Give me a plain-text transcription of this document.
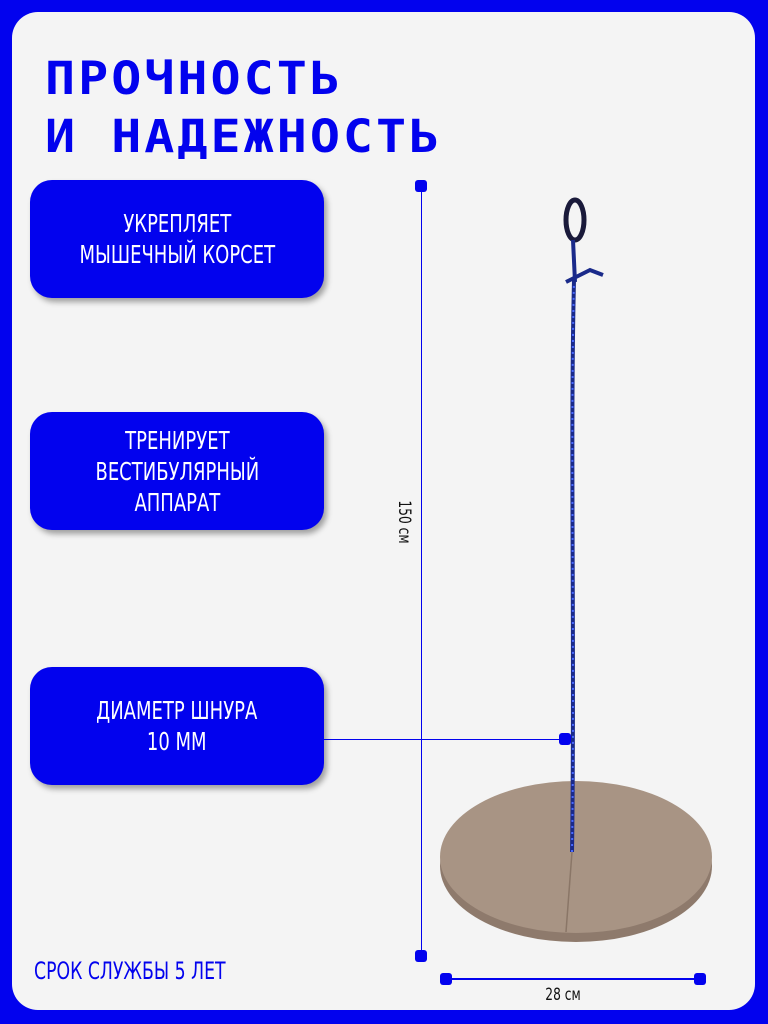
ПРОЧНОСТЬ
И НАДЕЖНОСТЬ
УКРЕПЛЯЕТ
МЫШЕЧНЫЙ КОРСЕТ
ТРЕНИРУЕТ
ВЕСТИБУЛЯРНЫЙ
АППАРАТ
ДИАМЕТР ШНУРА
10 ММ
150 см
28 см
СРОК СЛУЖБЫ 5 ЛЕТ
